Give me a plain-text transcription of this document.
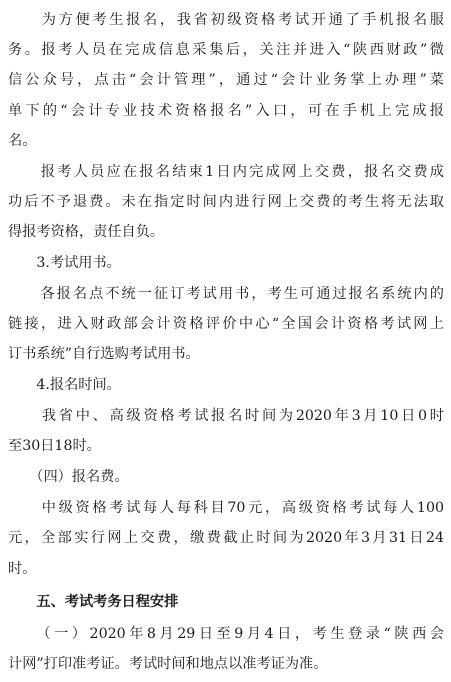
　　为方便考生报名，我省初级资格考试开通了手机报名服
务。报考人员在完成信息采集后，关注并进入“陕西财政”微
信公众号，点击“会计管理”，通过“会计业务掌上办理”菜
单下的“会计专业技术资格报名”入口，可在手机上完成报
名。
　　报考人员应在报名结束1日内完成网上交费，报名交费成
功后不予退费。未在指定时间内进行网上交费的考生将无法取
得报考资格，责任自负。
　　3.考试用书。
　　各报名点不统一征订考试用书，考生可通过报名系统内的
链接，进入财政部会计资格评价中心“全国会计资格考试网上
订书系统”自行选购考试用书。
　　4.报名时间。
　　我省中、高级资格考试报名时间为2020年3月10日0时
至30日18时。
　　（四）报名费。
　　中级资格考试每人每科目70元，高级资格考试每人100
元，全部实行网上交费，缴费截止时间为2020年3月31日24
时。
　　五、考试考务日程安排
　　（一）2020年8月29日至9月4日，考生登录“陕西会
计网”打印准考证。考试时间和地点以准考证为准。
